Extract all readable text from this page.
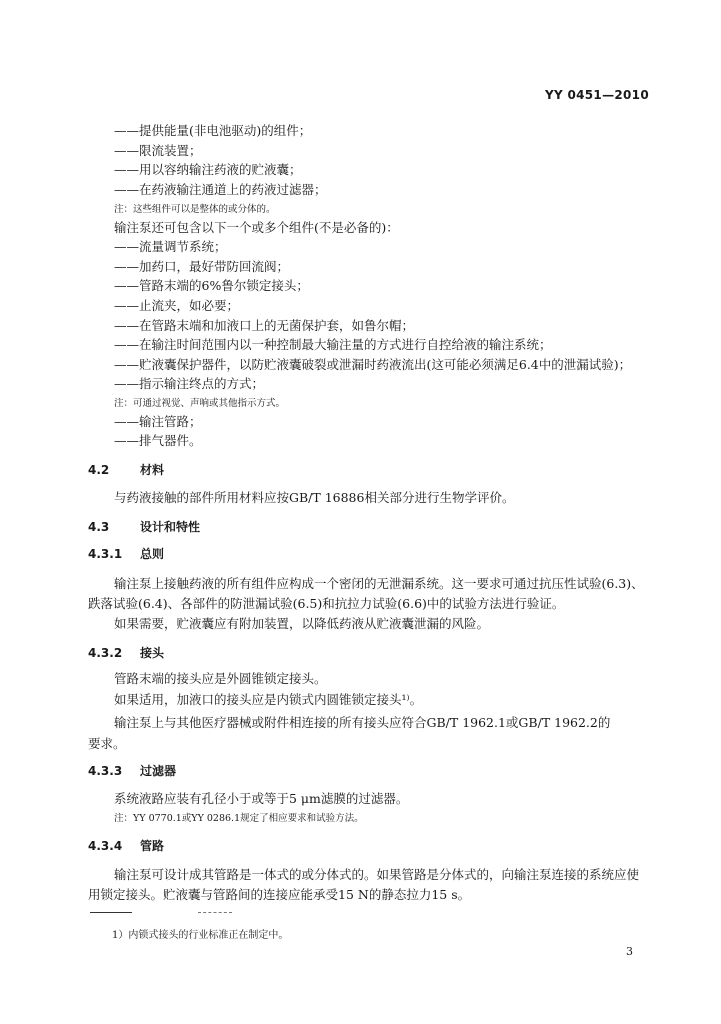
YY 0451—2010
——提供能量(非电池驱动)的组件；
——限流装置；
——用以容纳输注药液的贮液囊；
——在药液输注通道上的药液过滤器；
注：这些组件可以是整体的或分体的。
输注泵还可包含以下一个或多个组件(不是必备的)：
——流量调节系统；
——加药口，最好带防回流阀；
——管路末端的6%鲁尔锁定接头；
——止流夹，如必要；
——在管路末端和加液口上的无菌保护套，如鲁尔帽；
——在输注时间范围内以一种控制最大输注量的方式进行自控给液的输注系统；
——贮液囊保护器件，以防贮液囊破裂或泄漏时药液流出(这可能必须满足6.4中的泄漏试验)；
——指示输注终点的方式；
注：可通过视觉、声响或其他指示方式。
——输注管路；
——排气器件。
4.2	材料
与药液接触的部件所用材料应按GB/T 16886相关部分进行生物学评价。
4.3	设计和特性
4.3.1 总则
输注泵上接触药液的所有组件应构成一个密闭的无泄漏系统。这一要求可通过抗压性试验(6.3)、
跌落试验(6.4)、各部件的防泄漏试验(6.5)和抗拉力试验(6.6)中的试验方法进行验证。
如果需要，贮液囊应有附加装置，以降低药液从贮液囊泄漏的风险。
4.3.2 接头
管路末端的接头应是外圆锥锁定接头。
如果适用，加液口的接头应是内锁式内圆锥锁定接头¹⁾。
输注泵上与其他医疗器械或附件相连接的所有接头应符合GB/T 1962.1或GB/T 1962.2的
要求。
4.3.3 过滤器
系统液路应装有孔径小于或等于5 μm滤膜的过滤器。
注：YY 0770.1或YY 0286.1规定了相应要求和试验方法。
4.3.4 管路
输注泵可设计成其管路是一体式的或分体式的。如果管路是分体式的，向输注泵连接的系统应使
用锁定接头。贮液囊与管路间的连接应能承受15 N的静态拉力15 s。
1）内锁式接头的行业标准正在制定中。
3
